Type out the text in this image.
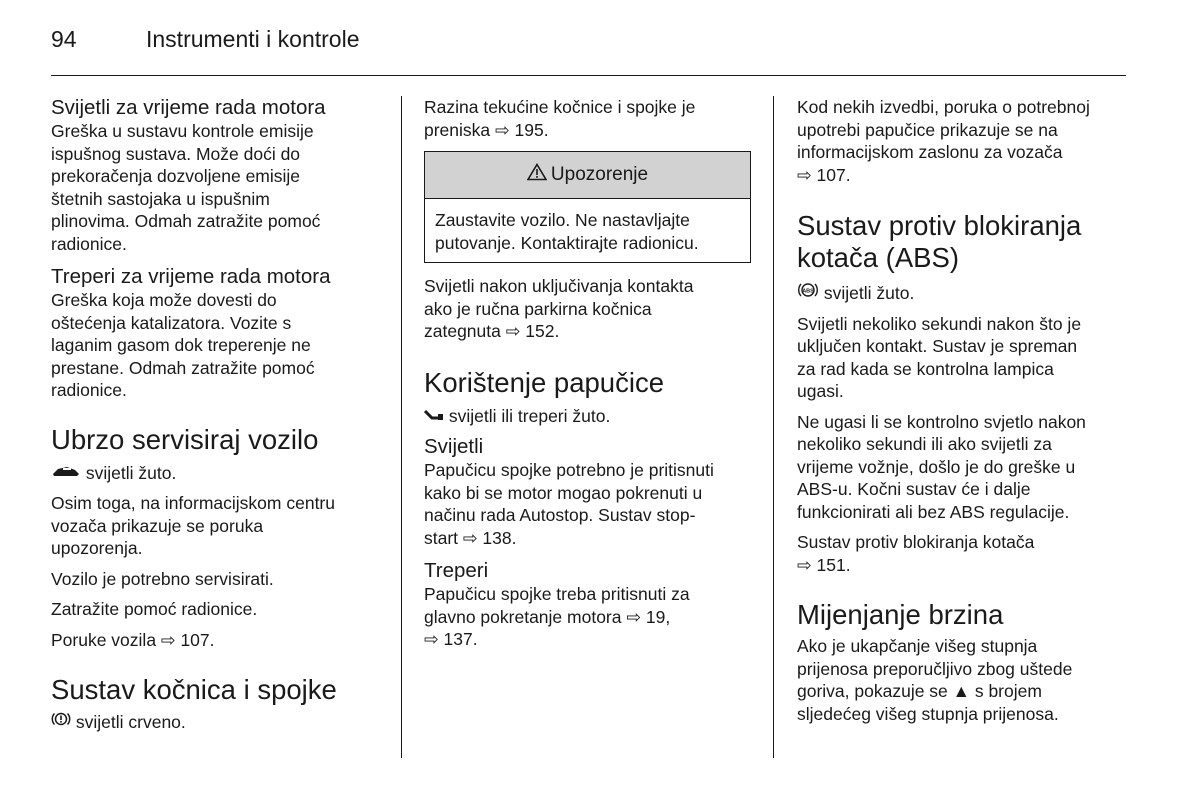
94	Instrumenti i kontrole
Svijetli za vrijeme rada motora
Greška u sustavu kontrole emisije
ispušnog sustava. Može doći do
prekoračenja dozvoljene emisije
štetnih sastojaka u ispušnim
plinovima. Odmah zatražite pomoć
radionice.
Treperi za vrijeme rada motora
Greška koja može dovesti do
oštećenja katalizatora. Vozite s
laganim gasom dok treperenje ne
prestane. Odmah zatražite pomoć
radionice.
Ubrzo servisiraj vozilo
svijetli žuto.
Osim toga, na informacijskom centru
vozača prikazuje se poruka
upozorenja.
Vozilo je potrebno servisirati.
Zatražite pomoć radionice.
Poruke vozila ⇨ 107.
Sustav kočnica i spojke
svijetli crveno.
Razina tekućine kočnice i spojke je
preniska ⇨ 195.
Upozorenje
Zaustavite vozilo. Ne nastavljajte
putovanje. Kontaktirajte radionicu.
Svijetli nakon uključivanja kontakta
ako je ručna parkirna kočnica
zategnuta ⇨ 152.
Korištenje papučice
svijetli ili treperi žuto.
Svijetli
Papučicu spojke potrebno je pritisnuti
kako bi se motor mogao pokrenuti u
načinu rada Autostop. Sustav stop-
start ⇨ 138.
Treperi
Papučicu spojke treba pritisnuti za
glavno pokretanje motora ⇨ 19,
⇨ 137.
Kod nekih izvedbi, poruka o potrebnoj
upotrebi papučice prikazuje se na
informacijskom zaslonu za vozača
⇨ 107.
Sustav protiv blokiranja
kotača (ABS)
ABS svijetli žuto.
Svijetli nekoliko sekundi nakon što je
uključen kontakt. Sustav je spreman
za rad kada se kontrolna lampica
ugasi.
Ne ugasi li se kontrolno svjetlo nakon
nekoliko sekundi ili ako svijetli za
vrijeme vožnje, došlo je do greške u
ABS-u. Kočni sustav će i dalje
funkcionirati ali bez ABS regulacije.
Sustav protiv blokiranja kotača
⇨ 151.
Mijenjanje brzina
Ako je ukapčanje višeg stupnja
prijenosa preporučljivo zbog uštede
goriva, pokazuje se ▲ s brojem
sljedećeg višeg stupnja prijenosa.
